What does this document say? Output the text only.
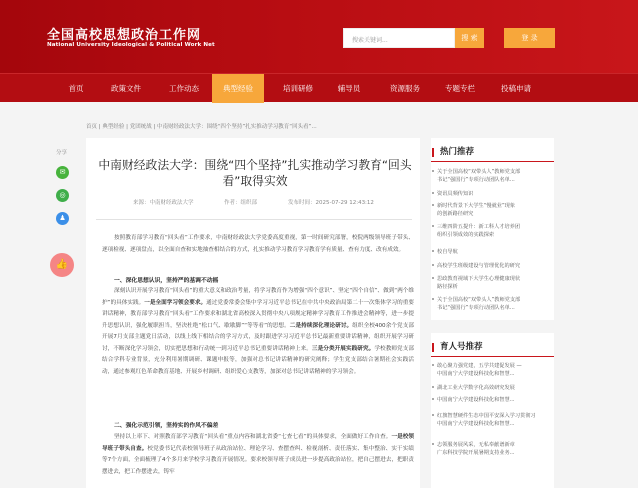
全国高校思想政治工作网
National University Ideological & Political Work Net
搜索关键词...	搜 索	登 录
首页	政策文件	工作动态	典型经验	培训研修	辅导员	资源服务	专题专栏	投稿申请
首页 | 典型经验 | 党团统战 | 中南财经政法大学：围绕“四个坚持”扎实推动学习教育“回头看”...
分享
✉
◎
♟
👍
中南财经政法大学：围绕“四个坚持”扎实推动学习教育“回头看”取得实效
来源：中南财经政法大学	作者：组织部	发布时间：2025-07-29 12:43:12
按照教育部学习教育“回头看”工作要求，中南财经政法大学党委高度重视，第一时间研究部署，校院两级领导班子带头、逐项检视、逐项盘点，以全面自查和实地抽查相结合的方式，扎实推动学习教育学习教育学有质量、查有力度、改有成效。
一、深化思想认识，坚持严的基调不动摇
深刻认识开展学习教育“回头看”的重大意义和政治考量，将学习教育作为增强“四个意识”、坚定“四个自信”、做到“两个维护”的具体实践。一是全面学习领会要求。通过党委常委会集中学习习近平总书记在中共中央政治局第二十一次集体学习的重要讲话精神，教育部学习教育“回头看”工作要求和湖北省高校深入贯彻中央八项规定精神学习教育工作推进会精神等，进一步提升思想认识，强化履职担当，坚决杜绝“松口气、歇歇脚”“等等看”的思想。二是持续深化理论研讨。组织全校400余个党支部开展7月支部主题党日活动，以线上线下相结合的学习方式，及时跟进学习习近平总书记最新重要讲话精神，组织开展学习研讨，不断深化学习领会，切实把思想和行动统一到习近平总书记重要讲话精神上来。三是分类开展实践研究。学校教师党支部结合学科专业背景，充分利用暑期调研、课题申报等，加强对总书记讲话精神的研究阐释；学生党支部结合暑期社会实践活动，通过参观红色革命教育基地、开展乡村调研、组织爱心支教等，加深对总书记讲话精神的学习领会。
二、强化示范引领，坚持实的作风不偏差
坚持以上率下、对照教育部学习教育“回头看”重点内容和湖北省委“七查七看”的具体要求，全面做好工作自查。一是校领导班子带头自查。校党委书记代表校领导班子从政治站位、理论学习、查摆查纠、检视剖析、责任落实、集中整治、实干实绩等7个方面，全面梳理了4个多月来学校学习教育开展情况。要求校领导班子成员进一步提高政治站位，把自己摆进去，把职责摆进去，把工作摆进去，铸牢
热门推荐
关于全国高校“双带头人”教师党支部
书记“强国行”专项行动团队名单...
资讯员频传知识
新时代背景下大学生“慢就业”现象
的创新路径研究
三维四阶五提升：新工科人才培养团
组织引领成效的实践探索
校自导航
高校学生班级建设与管理优化的研究
思政教育视域下大学生心理健康现状
路径探析
关于全国高校“双带头人”教师党支部
书记“强国行”专项行动团队名单...
育人号推荐
敢心聚力强党建，五学共建促发展 —
中国南宁大学建设科技化和智慧...
湖北工业大学数字化高效研究发展
中国南宁大学建设科技化和智慧...
红旗智慧硬件生态中国平安深入学习贯彻习
中国南宁大学建设科技化和智慧...
志领服务展风采，无私奉献谱新章
广东科技学院开展暑期支持业务...
